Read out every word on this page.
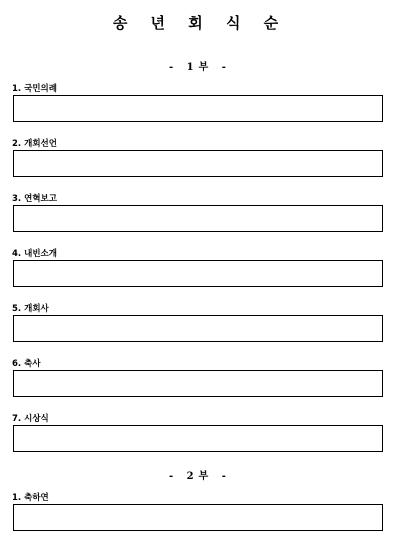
송 년 회 식 순
- 1부 -
1. 국민의례
2. 개회선언
3. 연혁보고
4. 내빈소개
5. 개회사
6. 축사
7. 시상식
- 2부 -
1. 축하연
